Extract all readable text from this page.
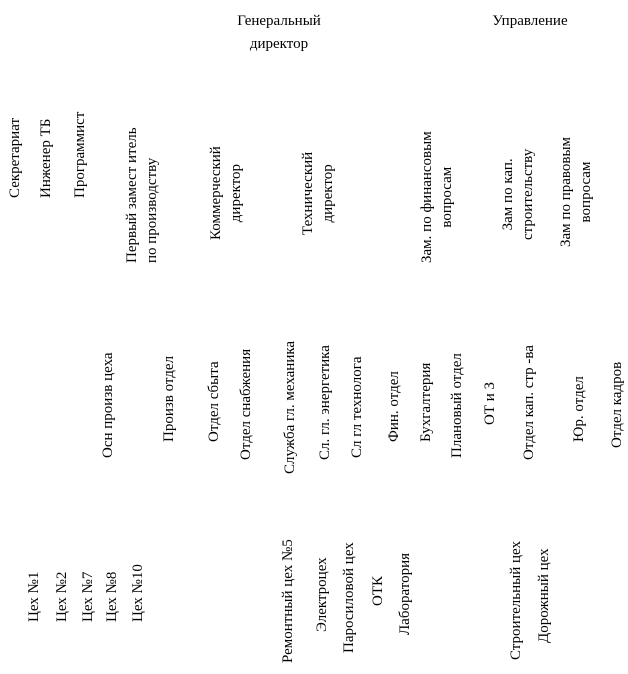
Генеральный
директор
Управление
Секретариат Инженер ТБ Программист Первый замест итель по производству	Коммерческий директор	Технический директор	Зам. по финансовым вопросам	Зам по кап. строительству Зам по правовым вопросам
Осн произв цеха	Произв отдел Отдел сбыта Отдел снабжения Служба гл. механика Сл. гл. энергетика Сл гл технолога Фин. отдел Бухгалтерия Плановый отдел ОТ и З Отдел кап. стр -ва Юр. отдел Отдел кадров
Цех №1 Цех №2 Цех №7 Цех №8 Цех №10	Ремонтный цех №5 Электроцех Паросиловой цех ОТК Лаборатория	Строительный цех Дорожный цех
